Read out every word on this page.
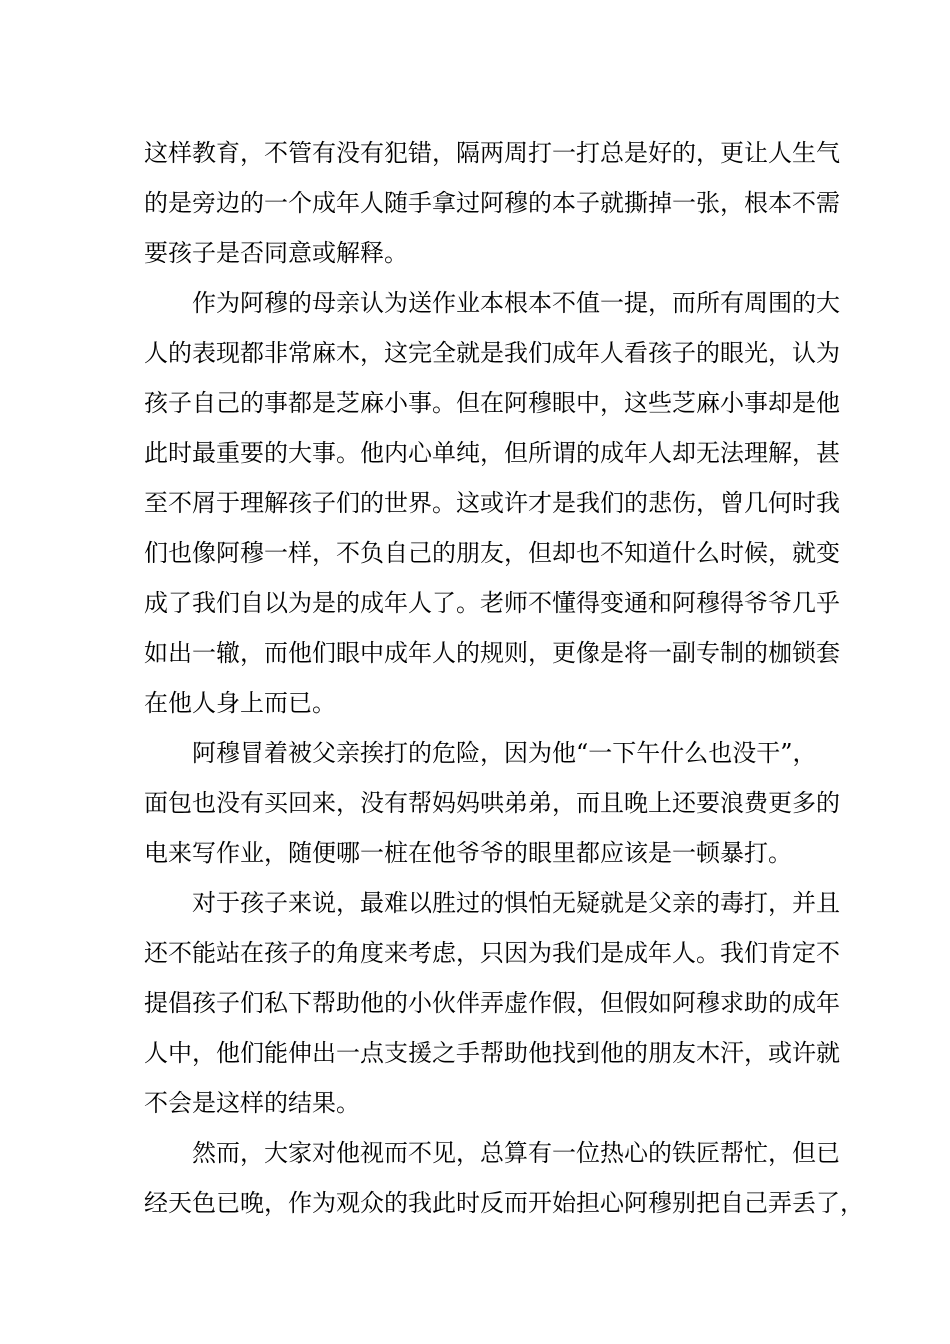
这样教育，不管有没有犯错，隔两周打一打总是好的，更让人生气
的是旁边的一个成年人随手拿过阿穆的本子就撕掉一张，根本不需
要孩子是否同意或解释。
作为阿穆的母亲认为送作业本根本不值一提，而所有周围的大
人的表现都非常麻木，这完全就是我们成年人看孩子的眼光，认为
孩子自己的事都是芝麻小事。但在阿穆眼中，这些芝麻小事却是他
此时最重要的大事。他内心单纯，但所谓的成年人却无法理解，甚
至不屑于理解孩子们的世界。这或许才是我们的悲伤，曾几何时我
们也像阿穆一样，不负自己的朋友，但却也不知道什么时候，就变
成了我们自以为是的成年人了。老师不懂得变通和阿穆得爷爷几乎
如出一辙，而他们眼中成年人的规则，更像是将一副专制的枷锁套
在他人身上而已。
阿穆冒着被父亲挨打的危险，因为他“一下午什么也没干”，
面包也没有买回来，没有帮妈妈哄弟弟，而且晚上还要浪费更多的
电来写作业，随便哪一桩在他爷爷的眼里都应该是一顿暴打。
对于孩子来说，最难以胜过的惧怕无疑就是父亲的毒打，并且
还不能站在孩子的角度来考虑，只因为我们是成年人。我们肯定不
提倡孩子们私下帮助他的小伙伴弄虚作假，但假如阿穆求助的成年
人中，他们能伸出一点支援之手帮助他找到他的朋友木汗，或许就
不会是这样的结果。
然而，大家对他视而不见，总算有一位热心的铁匠帮忙，但已
经天色已晚，作为观众的我此时反而开始担心阿穆别把自己弄丢了，
